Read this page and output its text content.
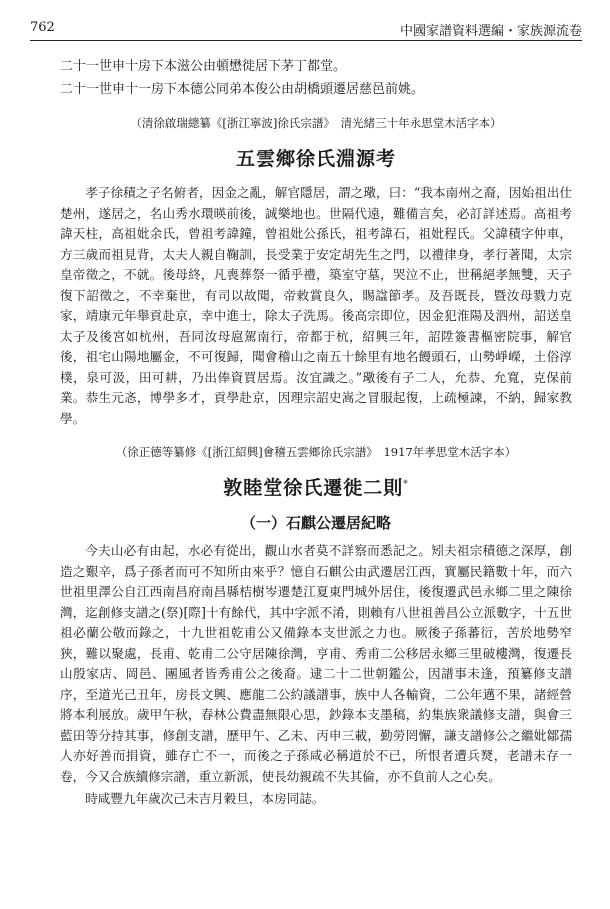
762	中國家譜資料選編・家族源流卷

二十一世申十房下本滋公由頓懋徙居下茅丁都堂。

二十一世申十一房下本德公同弟本俊公由胡橋頭遷居慈邑前姚。

（清徐啟瑞總纂《[浙江寧波]徐氏宗譜》　清光緒三十年永思堂木活字本）

五雲鄉徐氏淵源考

孝子徐積之子名俯者，因金之亂，解官隱居，謂之璥，曰：“我本南州之裔，因始祖出仕楚州，遂居之，名山秀水環暎前後，誠樂地也。世隔代遠，難備言矣，必訂詳述焉。高祖考諱天柱，高祖妣余氏，曾祖考諱鐘，曾祖妣公孫氏，祖考諱石，祖妣程氏。父諱積字仲車，方三歲而祖見背，太夫人親自鞠訓，長受業于安定胡先生之門，以禮律身，孝行著聞，太宗皇帝徵之，不就。後母終，凡喪葬祭一循乎禮，築室守墓，哭泣不止，世稱絕孝無雙，天子復下詔徵之，不幸棄世，有司以故聞，帝敕賞良久，賜諡節孝。及吾既長，暨汝母戮力克家，靖康元年舉貢赴京，幸中進士，除太子洗馬。後高宗即位，因金犯淮陽及泗州，詔送皇太子及後宮如杭州，吾同汝母扈駕南行，帝都于杭，紹興三年，詔陞簽書樞密院事，解官後，祖宅山陽地屬金，不可復歸，聞會稽山之南五十餘里有地名饅頭石，山勢崢嶸，土俗淳樸，泉可汲，田可耕，乃出俸資買居焉。汝宜識之。”璥後有子二人，允恭、允寬，克保前業。恭生元忞，博學多才，貢學赴京，因理宗詔史嵩之冒服起復，上疏極諫，不納，歸家教學。

（徐正德等纂修《[浙江紹興]會稽五雲鄉徐氏宗譜》　1917年孝思堂木活字本）

敦睦堂徐氏遷徙二則*
（一）石麒公遷居紀略

今夫山必有由起，水必有從出，觀山水者莫不詳察而悉記之。矧夫祖宗積德之深厚，創造之艱辛，爲子孫者而可不知所由來乎？憶自石麒公由武遷居江西，實屬民籍數十年，而六世祖里澤公自江西南昌府南昌縣桔樹岑遷楚江夏東門城外居住，後復遷武邑永鄉二里之陳徐灣，迄創修支譜之(祭)[際]十有餘代，其中字派不淆，則賴有八世祖善昌公立派數字，十五世祖必蘭公敬而錄之，十九世祖乾甫公又備錄本支世派之力也。厥後子孫蕃衍，苦於地勢窄狹，難以聚處，長甫、乾甫二公守居陳徐灣，亨甫、秀甫二公移居永鄉三里破樓灣，復遷長山殷家店、岡邑、團風者皆秀甫公之後裔。逮二十二世朝鑑公，因譜事未逢，預纂修支譜序，至道光己丑年，房長文興、應龍二公約議譜事，族中人各輸資，二公年邁不果，諸經營將本利展放。歲甲午秋，春林公費盡無限心思，鈔錄本支墨稿，約集族衆議修支譜，與會三藍田等分持其事，修創支譜，歷甲午、乙未、丙申三載，勤勞罔懈，謙支譜修公之繼妣鄒孺人亦好善而捐資，雖存亡不一，而後之子孫咸必稱道於不已，所恨者遭兵燹，老譜未存一卷，今又合族續修宗譜，重立新派，使長幼親疏不失其倫，亦不負前人之心矣。

時咸豐九年歲次己未吉月穀旦，本房同誌。
